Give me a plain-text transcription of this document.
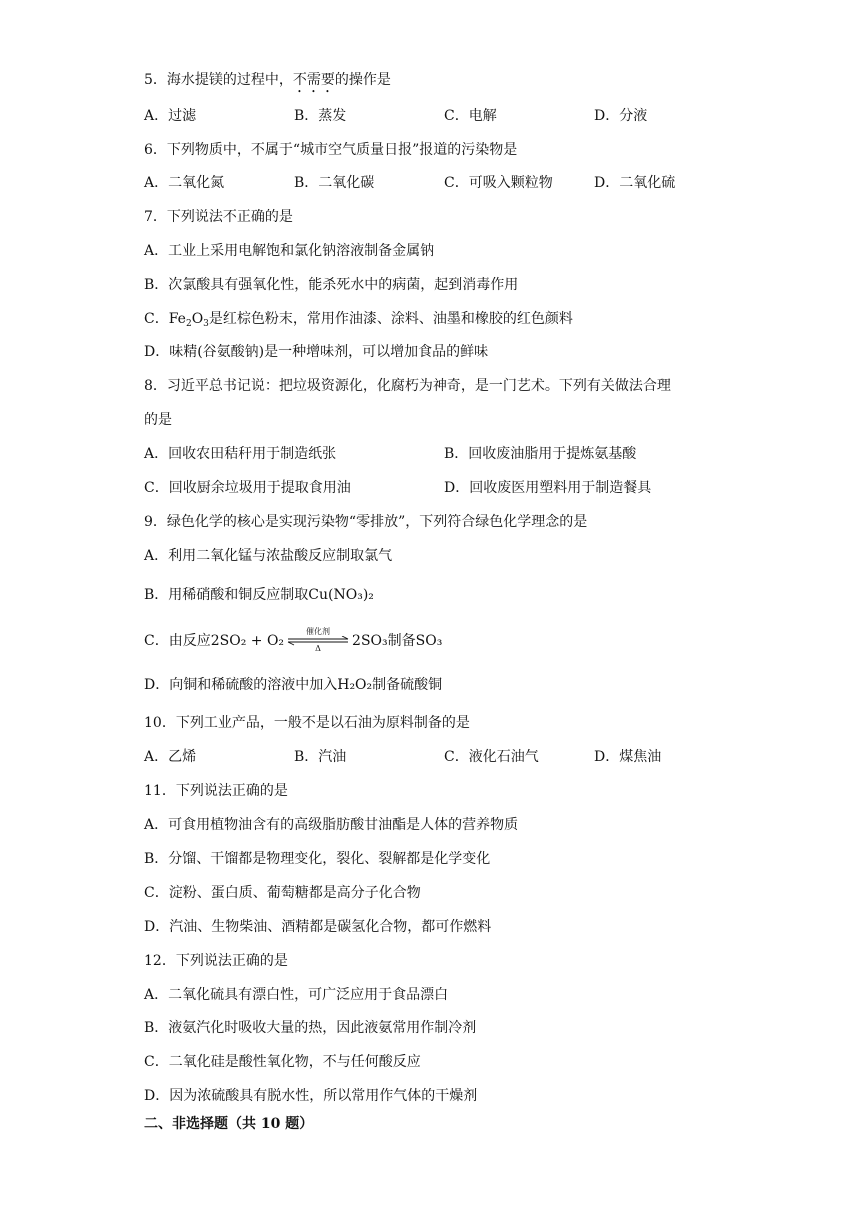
5．海水提镁的过程中，不需要的操作是
A．过滤	B．蒸发	C．电解	D．分液
6．下列物质中，不属于“城市空气质量日报”报道的污染物是
A．二氧化氮	B．二氧化碳	C．可吸入颗粒物	D．二氧化硫
7．下列说法不正确的是
A．工业上采用电解饱和氯化钠溶液制备金属钠
B．次氯酸具有强氧化性，能杀死水中的病菌，起到消毒作用
C．$Fe_2O_3$是红棕色粉末，常用作油漆、涂料、油墨和橡胶的红色颜料
D．味精(谷氨酸钠)是一种增味剂，可以增加食品的鲜味
8．习近平总书记说：把垃圾资源化，化腐朽为神奇，是一门艺术。下列有关做法合理
的是
A．回收农田秸秆用于制造纸张	B．回收废油脂用于提炼氨基酸
C．回收厨余垃圾用于提取食用油	D．回收废医用塑料用于制造餐具
9．绿色化学的核心是实现污染物“零排放”，下列符合绿色化学理念的是
A．利用二氧化锰与浓盐酸反应制取氯气
B．用稀硝酸和铜反应制取Cu(NO₃)₂
C．由反应2SO₂ + O₂
催化剂
Δ	2SO₃制备SO₃
D．向铜和稀硫酸的溶液中加入H₂O₂制备硫酸铜
10．下列工业产品，一般不是以石油为原料制备的是
A．乙烯	B．汽油	C．液化石油气	D．煤焦油
11．下列说法正确的是
A．可食用植物油含有的高级脂肪酸甘油酯是人体的营养物质
B．分馏、干馏都是物理变化，裂化、裂解都是化学变化
C．淀粉、蛋白质、葡萄糖都是高分子化合物
D．汽油、生物柴油、酒精都是碳氢化合物，都可作燃料
12．下列说法正确的是
A．二氧化硫具有漂白性，可广泛应用于食品漂白
B．液氨汽化时吸收大量的热，因此液氨常用作制冷剂
C．二氧化硅是酸性氧化物，不与任何酸反应
D．因为浓硫酸具有脱水性，所以常用作气体的干燥剂
二、非选择题（共 10 题）
